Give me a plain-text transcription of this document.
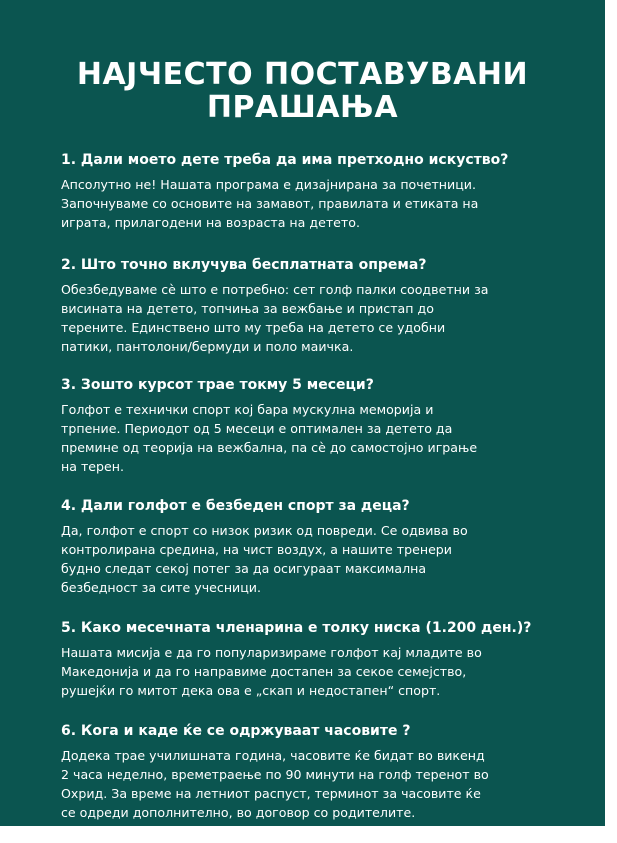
НАЈЧЕСТО ПОСТАВУВАНИ
ПРАШАЊА

1. Дали моето дете треба да има претходно искуство?

Апсолутно не! Нашата програма е дизајнирана за почетници.
Започнуваме со основите на замавот, правилата и етиката на
играта, прилагодени на возраста на детето.

2. Што точно вклучува бесплатната опрема?

Обезбедуваме сè што е потребно: сет голф палки соодветни за
висината на детето, топчиња за вежбање и пристап до
терените. Единствено што му треба на детето се удобни
патики, пантолони/бермуди и поло маичка.

3. Зошто курсот трае токму 5 месеци?

Голфот е технички спорт кој бара мускулна меморија и
трпение. Периодот од 5 месеци е оптимален за детето да
премине од теорија на вежбална, па сè до самостојно играње
на терен.

4. Дали голфот е безбеден спорт за деца?

Да, голфот е спорт со низок ризик од повреди. Се одвива во
контролирана средина, на чист воздух, а нашите тренери
будно следат секој потег за да осигураат максимална
безбедност за сите учесници.

5. Како месечната членарина е толку ниска (1.200 ден.)?

Нашата мисија е да го популаризираме голфот кај младите во
Македонија и да го направиме достапен за секое семејство,
рушејќи го митот дека ова е „скап и недостапен“ спорт.

6. Кога и каде ќе се одржуваат часовите ?

Додека трае училишната година, часовите ќе бидат во викенд
2 часа неделно, времетраење по 90 минути на голф теренот во
Охрид. За време на летниот распуст, терминот за часовите ќе
се одреди дополнително, во договор со родителите.
